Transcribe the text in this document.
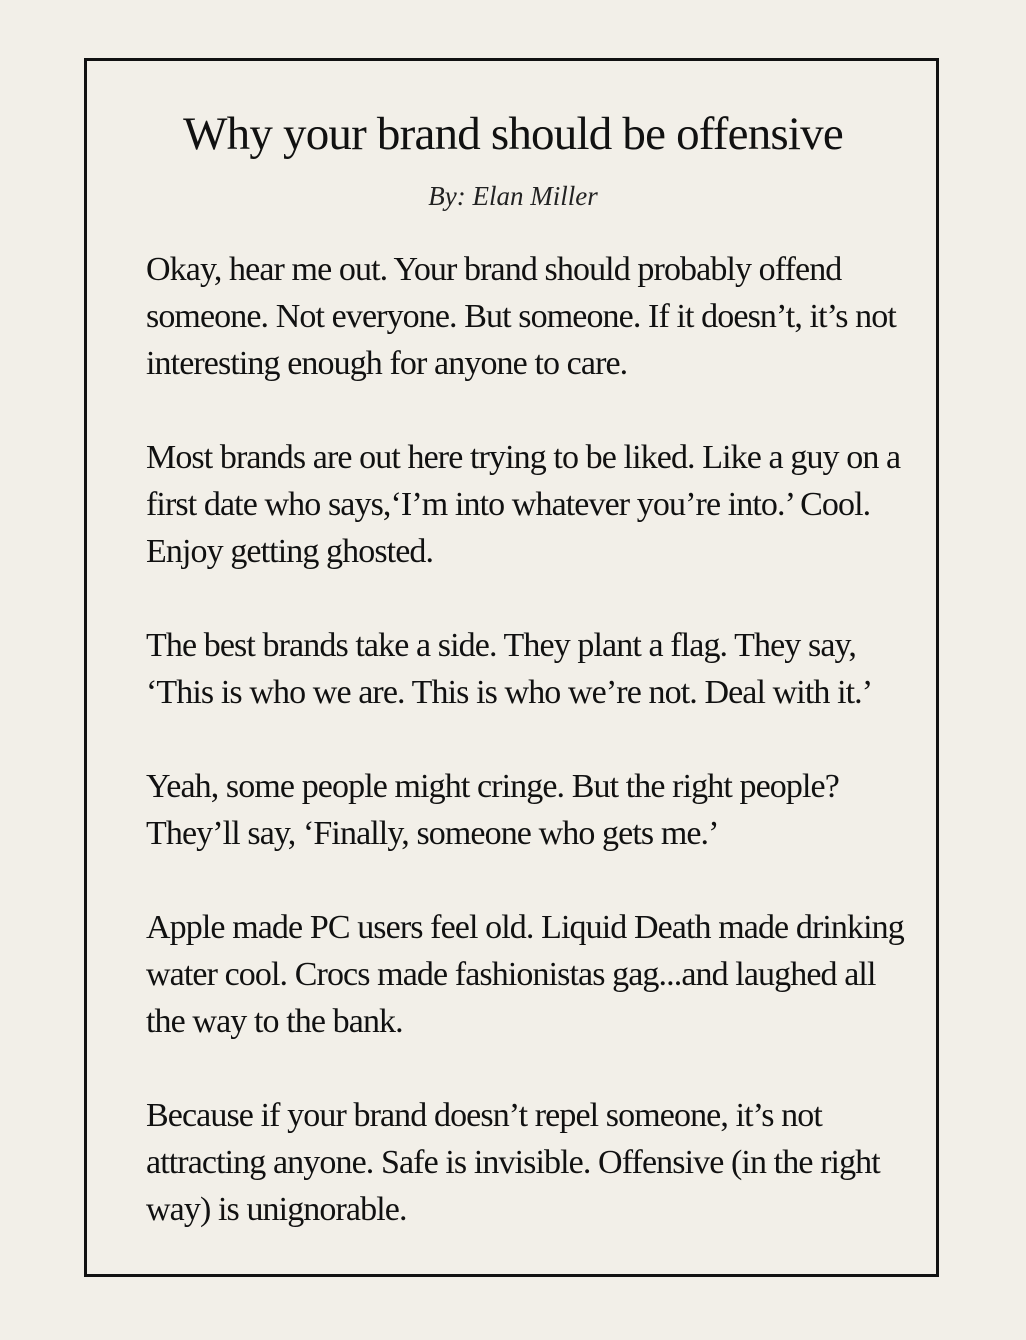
Why your brand should be offensive
By: Elan Miller

Okay, hear me out. Your brand should probably offend someone. Not everyone. But someone. If it doesn’t, it’s not interesting enough for anyone to care.

Most brands are out here trying to be liked. Like a guy on a first date who says,‘I’m into whatever you’re into.’ Cool. Enjoy getting ghosted.

The best brands take a side. They plant a flag. They say, ‘This is who we are. This is who we’re not. Deal with it.’

Yeah, some people might cringe. But the right people? They’ll say, ‘Finally, someone who gets me.’

Apple made PC users feel old. Liquid Death made drinking water cool. Crocs made fashionistas gag...and laughed all the way to the bank.

Because if your brand doesn’t repel someone, it’s not attracting anyone. Safe is invisible. Offensive (in the right way) is unignorable.
